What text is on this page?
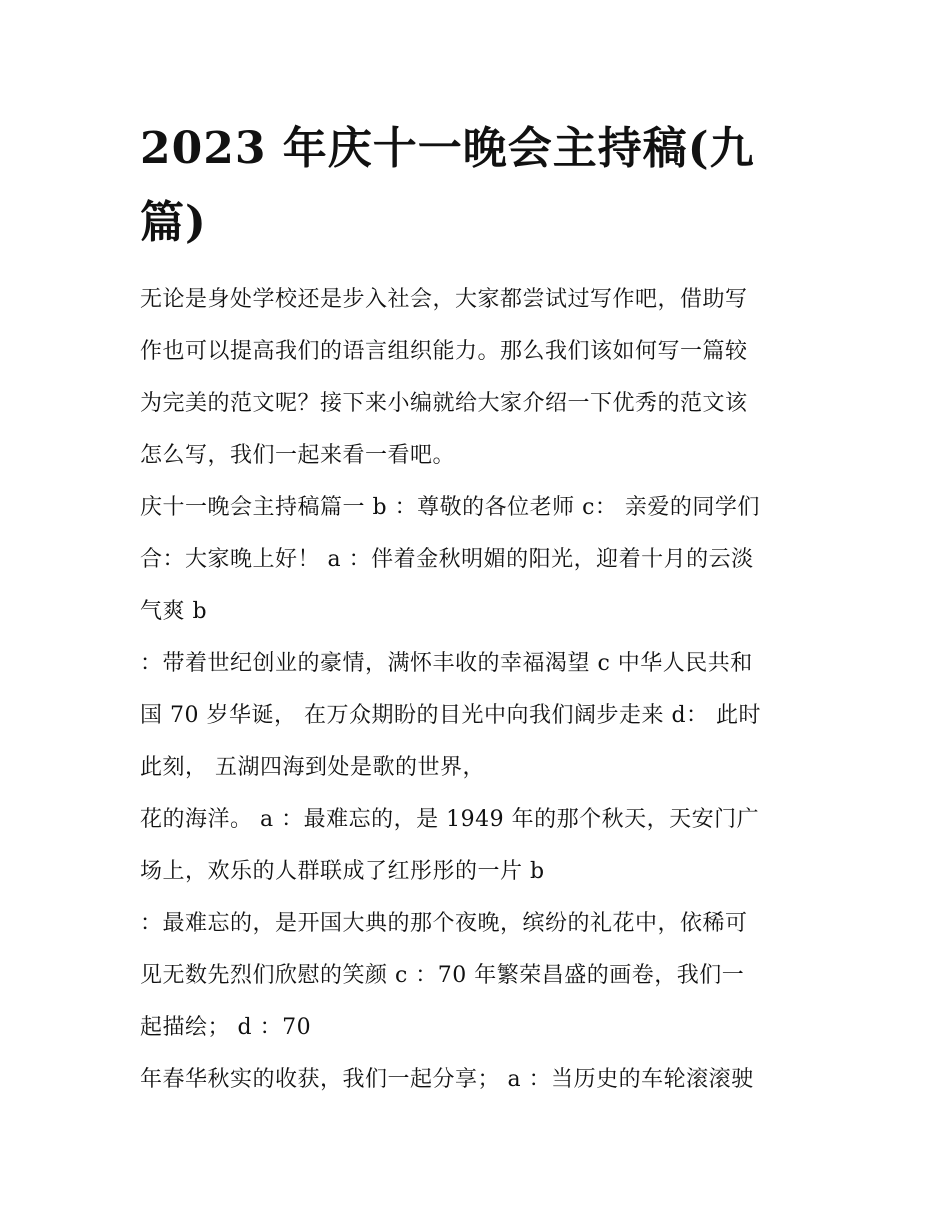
2023 年庆十一晚会主持稿(九
篇)

无论是身处学校还是步入社会，大家都尝试过写作吧，借助写
作也可以提高我们的语言组织能力。那么我们该如何写一篇较
为完美的范文呢？接下来小编就给大家介绍一下优秀的范文该
怎么写，我们一起来看一看吧。

庆十一晚会主持稿篇一 b ：尊敬的各位老师 c： 亲爱的同学们
合：大家晚上好！ a ：伴着金秋明媚的阳光，迎着十月的云淡
气爽 b

：带着世纪创业的豪情，满怀丰收的幸福渴望 c 中华人民共和
国 70 岁华诞， 在万众期盼的目光中向我们阔步走来 d： 此时
此刻， 五湖四海到处是歌的世界，

花的海洋。 a ：最难忘的，是 1949 年的那个秋天，天安门广
场上，欢乐的人群联成了红彤彤的一片 b

：最难忘的，是开国大典的那个夜晚，缤纷的礼花中，依稀可
见无数先烈们欣慰的笑颜 c ：70 年繁荣昌盛的画卷，我们一
起描绘； d ：70

年春华秋实的收获，我们一起分享； a ：当历史的车轮滚滚驶
